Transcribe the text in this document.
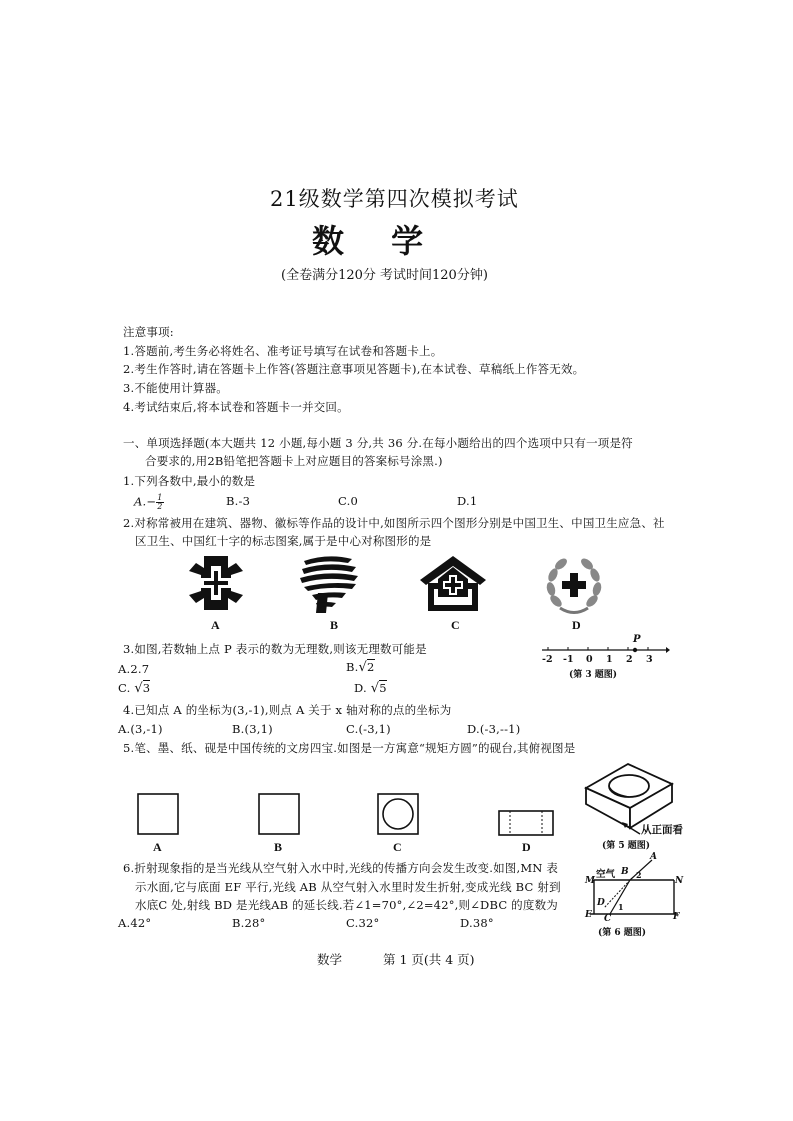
21级数学第四次模拟考试
数 学
(全卷满分120分 考试时间120分钟)
注意事项:
1.答题前,考生务必将姓名、准考证号填写在试卷和答题卡上。
2.考生作答时,请在答题卡上作答(答题注意事项见答题卡),在本试卷、草稿纸上作答无效。
3.不能使用计算器。
4.考试结束后,将本试卷和答题卡一并交回。
一、单项选择题(本大题共 12 小题,每小题 3 分,共 36 分.在每小题给出的四个选项中只有一项是符
合要求的,用2B铅笔把答题卡上对应题目的答案标号涂黑.)
1.下列各数中,最小的数是
$A.- \frac{1}{2}$	B.-3	C.0	D.1
2.对称常被用在建筑、器物、徽标等作品的设计中,如图所示四个图形分别是中国卫生、中国卫生应急、社
区卫生、中国红十字的标志图案,属于是中心对称图形的是
A	B	C	D
3.如图,若数轴上点 P 表示的数为无理数,则该无理数可能是
A.2.7	B.√2
C. √3	D. √5
P
-2 -1 0 1 2 3
(第 3 题图)
4.已知点 A 的坐标为(3,-1),则点 A 关于 x 轴对称的点的坐标为
A.(3,-1)	B.(3,1)	C.(-3,1)	D.(-3,--1)
5.笔、墨、纸、砚是中国传统的文房四宝.如图是一方寓意“规矩方圆”的砚台,其俯视图是
A	B	C	D
从正面看
(第 5 题图)
6.折射现象指的是当光线从空气射入水中时,光线的传播方向会发生改变.如图,MN 表
示水面,它与底面 EF 平行,光线 AB 从空气射入水里时发生折射,变成光线 BC 射到
水底C 处,射线 BD 是光线AB 的延长线.若∠1=70°,∠2=42°,则∠DBC 的度数为
A.42°	B.28°	C.32°	D.38°
空气
A
B 2
M	N
D 1
E C	F
(第 6 题图)
数学	第 1 页(共 4 页)
